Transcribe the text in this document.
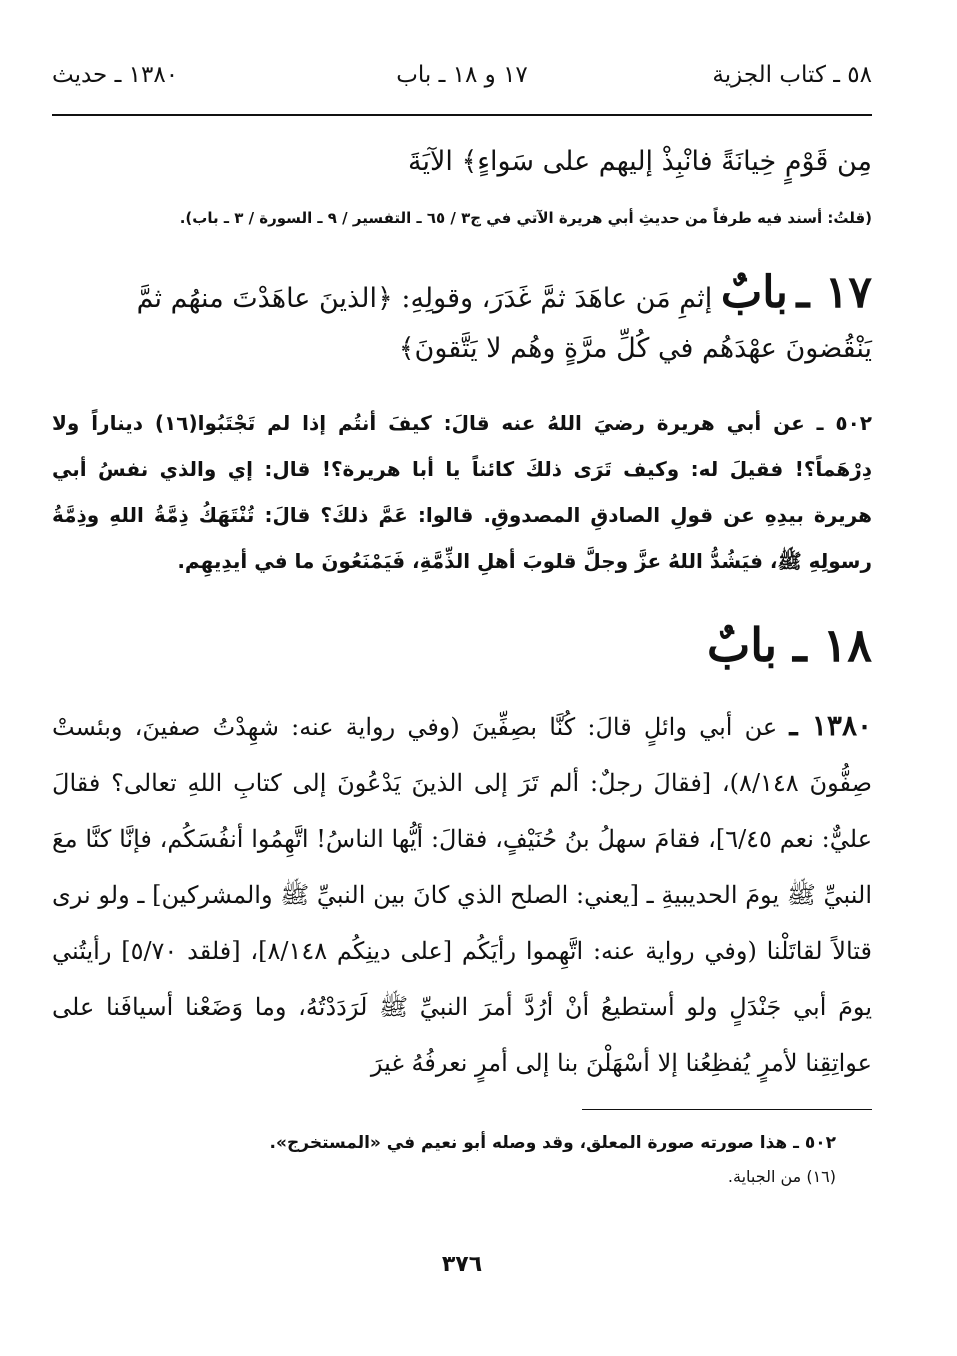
٥٨ ـ كتاب الجزية
١٧ و ١٨ ـ باب
١٣٨٠ ـ حديث
مِن قَوْمٍ خِيانَةً فانْبِذْ إليهم على سَواءٍ﴾ الآيَةَ
(قلتُ: أسند فيه طرفاً من حديثِ أبي هريرة الآتي في ج٣ / ٦٥ ـ التفسير / ٩ ـ السورة / ٣ ـ باب).
١٧ ـ بابٌ إثمِ مَن عاهَدَ ثمَّ غَدَرَ، وقولِهِ: ﴿الذينَ عاهَدْتَ منهُم ثمَّ يَنْقُضونَ عهْدَهُم في كُلِّ مرَّةٍ وهُم لا يَتَّقونَ﴾
٥٠٢ ـ عن أبي هريرة رضيَ اللهُ عنه قالَ: كيفَ أنتُم إذا لم تَجْتَبُوا(١٦) ديناراً ولا دِرْهَماً؟! فقيلَ له: وكيف تَرَى ذلكَ كائناً يا أبا هريرة؟! قال: إي والذي نفسُ أبي هريرة بيدِهِ عن قولِ الصادقِ المصدوقِ. قالوا: عَمَّ ذلكَ؟ قالَ: تُنْتَهَكُ ذِمَّةُ اللهِ وذِمَّةُ رسولِهِ ﷺ، فيَشُدُّ اللهُ عزَّ وجلَّ قلوبَ أهلِ الذِّمَّةِ، فَيَمْنَعُونَ ما في أيدِيهِم.
١٨ ـ بابٌ
١٣٨٠ ـ عن أبي وائلٍ قالَ: كُنَّا بصِفِّينَ (وفي رواية عنه: شهِدْتُ صفينَ، وبئستْ صِفُّونَ ٨/١٤٨)، [فقالَ رجلٌ: ألم تَرَ إلى الذينَ يَدْعُونَ إلى كتابِ اللهِ تعالى؟ فقالَ عليٌّ: نعم ٦/٤٥]، فقامَ سهلُ بنُ حُنَيْفٍ، فقالَ: أيُّها الناسُ! اتَّهِمُوا أنفُسَكُم، فإنَّا كنَّا معَ النبيِّ ﷺ يومَ الحديبيةِ ـ [يعني: الصلح الذي كانَ بين النبيِّ ﷺ والمشركين] ـ ولو نرى قتالاً لقاتَلْنا (وفي رواية عنه: اتَّهِموا رأيَكُم [على دينِكُم ٨/١٤٨]، [فلقد ٥/٧٠] رأيتُني يومَ أبي جَنْدَلٍ ولو أستطيعُ أنْ أرُدَّ أمرَ النبيِّ ﷺ لَرَدَدْتُهُ، وما وَضَعْنا أسيافَنا على عواتِقِنا لأمرٍ يُفظِعُنا إلا أسْهَلْنَ بنا إلى أمرٍ نعرفُهُ غيرَ
٥٠٢ ـ هذا صورته صورة المعلق، وقد وصله أبو نعيم في «المستخرج».
(١٦) من الجباية.
٣٧٦
